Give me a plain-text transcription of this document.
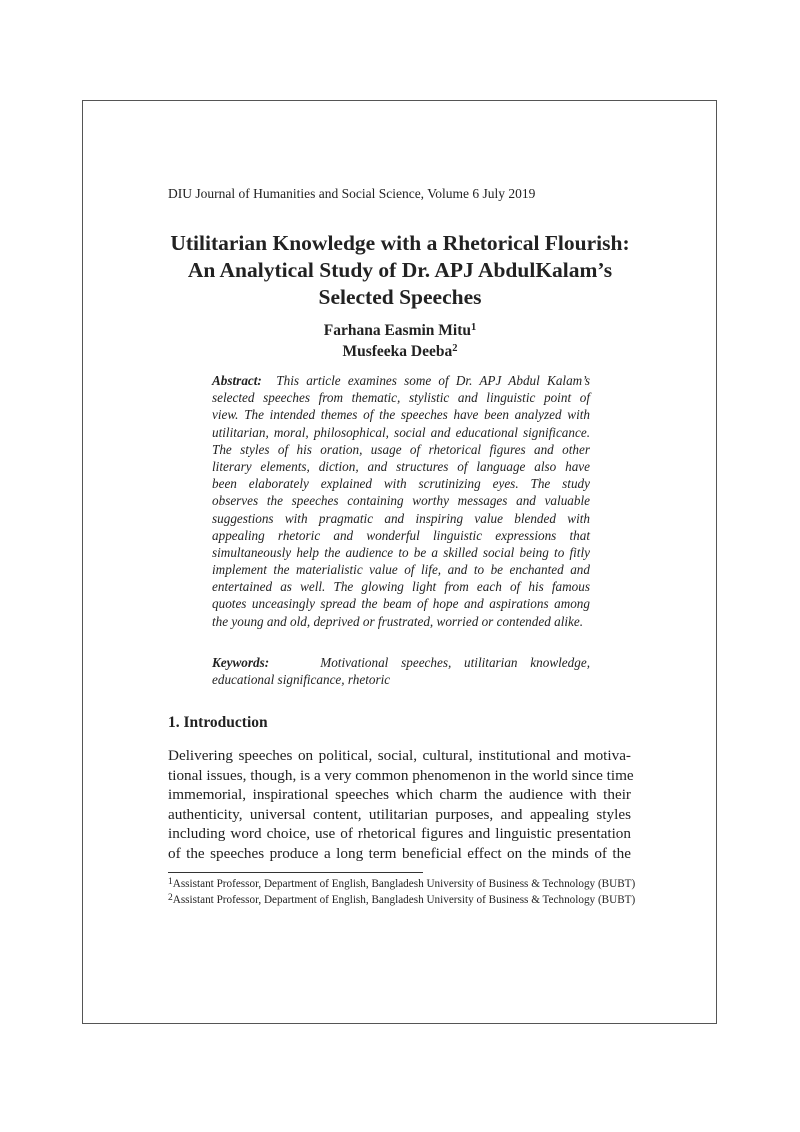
DIU Journal of Humanities and Social Science, Volume 6 July 2019
Utilitarian Knowledge with a Rhetorical Flourish:
An Analytical Study of Dr. APJ AbdulKalam’s
Selected Speeches
Farhana Easmin Mitu$^1$
Musfeeka Deeba$^2$
Abstract: This article examines some of Dr. APJ Abdul Kalam’s
selected speeches from thematic, stylistic and linguistic point of
view. The intended themes of the speeches have been analyzed with
utilitarian, moral, philosophical, social and educational significance.
The styles of his oration, usage of rhetorical figures and other
literary elements, diction, and structures of language also have
been elaborately explained with scrutinizing eyes. The study
observes the speeches containing worthy messages and valuable
suggestions with pragmatic and inspiring value blended with
appealing rhetoric and wonderful linguistic expressions that
simultaneously help the audience to be a skilled social being to fitly
implement the materialistic value of life, and to be enchanted and
entertained as well. The glowing light from each of his famous
quotes unceasingly spread the beam of hope and aspirations among
the young and old, deprived or frustrated, worried or contended alike.
Keywords:	Motivational speeches, utilitarian knowledge,
educational significance, rhetoric
1. Introduction
Delivering speeches on political, social, cultural, institutional and motiva-
tional issues, though, is a very common phenomenon in the world since time
immemorial, inspirational speeches which charm the audience with their
authenticity, universal content, utilitarian purposes, and appealing styles
including word choice, use of rhetorical figures and linguistic presentation
of the speeches produce a long term beneficial effect on the minds of the
$^1$Assistant Professor, Department of English, Bangladesh University of Business & Technology (BUBT)
$^2$Assistant Professor, Department of English, Bangladesh University of Business & Technology (BUBT)
